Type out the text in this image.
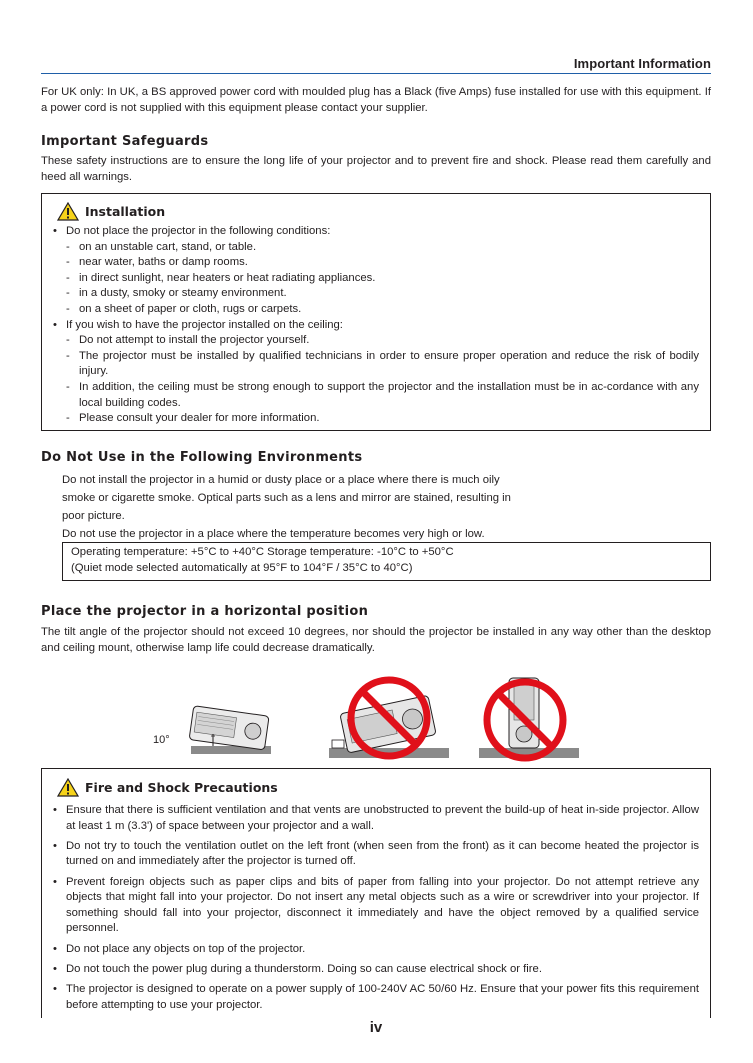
Important Information

For UK only: In UK, a BS approved power cord with moulded plug has a Black (five Amps) fuse installed for use with this equipment. If a power cord is not supplied with this equipment please contact your supplier.

Important Safeguards

These safety instructions are to ensure the long life of your projector and to prevent fire and shock. Please read them carefully and heed all warnings.

Installation
• Do not place the projector in the following conditions:
- on an unstable cart, stand, or table.
- near water, baths or damp rooms.
- in direct sunlight, near heaters or heat radiating appliances.
- in a dusty, smoky or steamy environment.
- on a sheet of paper or cloth, rugs or carpets.
• If you wish to have the projector installed on the ceiling:
- Do not attempt to install the projector yourself.
- The projector must be installed by qualified technicians in order to ensure proper operation and reduce the risk of bodily injury.
- In addition, the ceiling must be strong enough to support the projector and the installation must be in ac-cordance with any local building codes.
- Please consult your dealer for more information.
Do Not Use in the Following Environments
Do not install the projector in a humid or dusty place or a place where there is much oily
smoke or cigarette smoke. Optical parts such as a lens and mirror are stained, resulting in
poor picture.
Do not use the projector in a place where the temperature becomes very high or low.
Operating temperature: +5°C to +40°C Storage temperature: -10°C to +50°C
(Quiet mode selected automatically at 95°F to 104°F / 35°C to 40°C)
Place the projector in a horizontal position

The tilt angle of the projector should not exceed 10 degrees, nor should the projector be installed in any way other than the desktop and ceiling mount, otherwise lamp life could decrease dramatically.

10°
Fire and Shock Precautions
• Ensure that there is sufficient ventilation and that vents are unobstructed to prevent the build-up of heat in-side projector. Allow at least 1 m (3.3') of space between your projector and a wall.
• Do not try to touch the ventilation outlet on the left front (when seen from the front) as it can become heated the projector is turned on and immediately after the projector is turned off.
• Prevent foreign objects such as paper clips and bits of paper from falling into your projector. Do not attempt retrieve any objects that might fall into your projector. Do not insert any metal objects such as a wire or screwdriver into your projector. If something should fall into your projector, disconnect it immediately and have the object removed by a qualified service personnel.
• Do not place any objects on top of the projector.
• Do not touch the power plug during a thunderstorm. Doing so can cause electrical shock or fire.
• The projector is designed to operate on a power supply of 100-240V AC 50/60 Hz. Ensure that your power fits this requirement before attempting to use your projector.
iv
